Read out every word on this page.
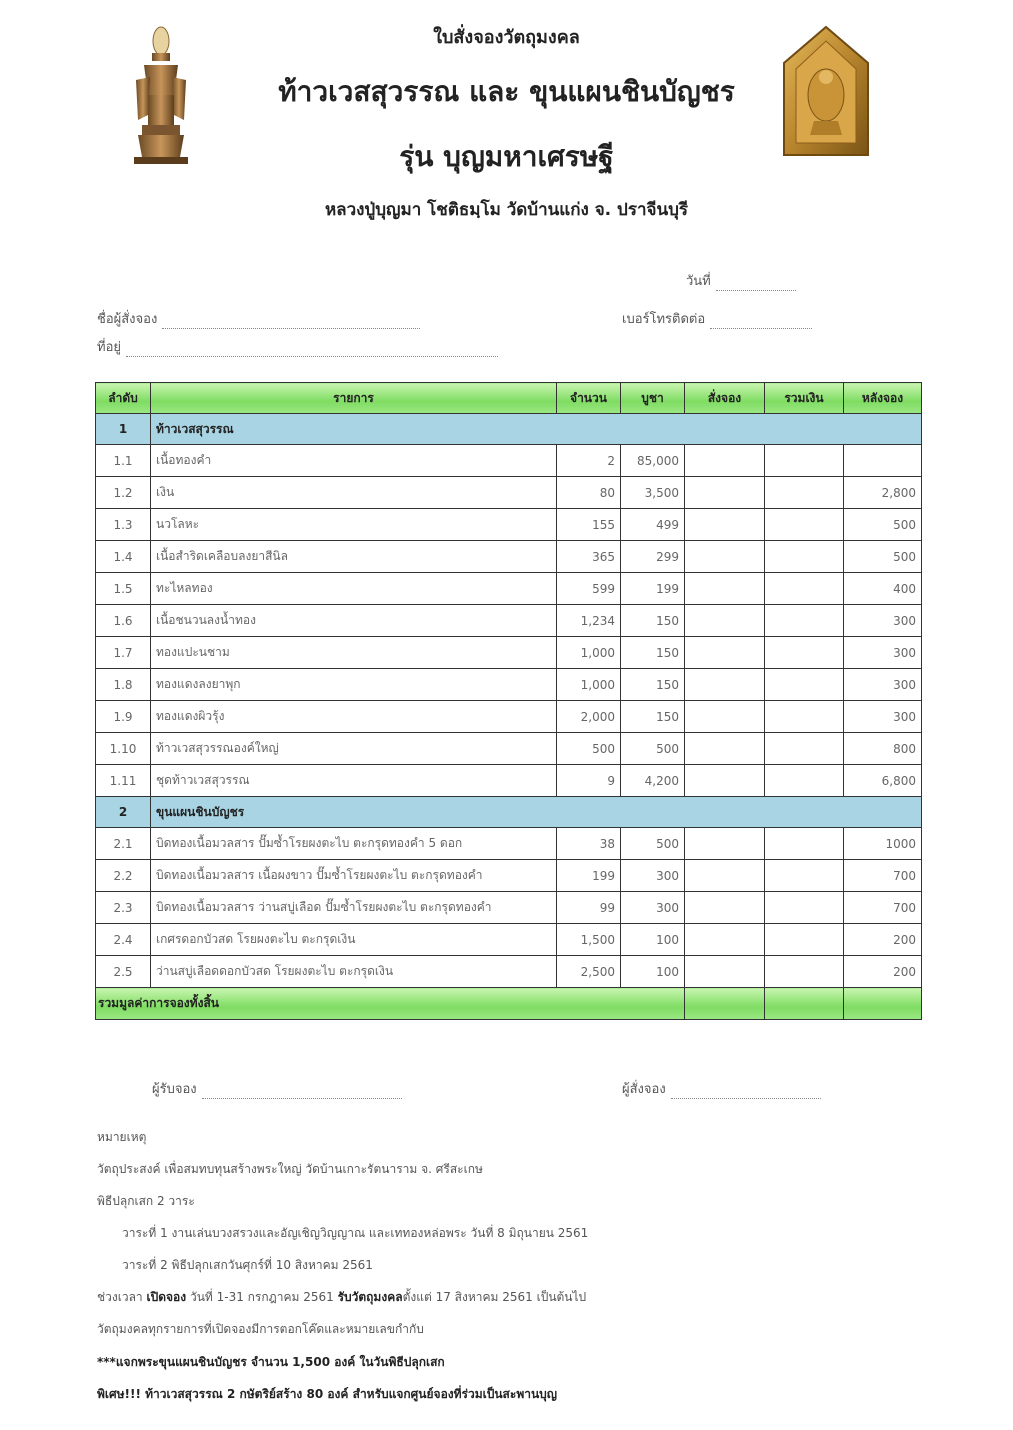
ใบสั่งจองวัตถุมงคล
ท้าวเวสสุวรรณ และ ขุนแผนชินบัญชร
รุ่น บุญมหาเศรษฐี
หลวงปู่บุญมา โชติธมฺโม วัดบ้านแก่ง จ. ปราจีนบุรี
วันที่
ชื่อผู้สั่งจอง	เบอร์โทรติดต่อ
ที่อยู่
ลำดับ	รายการ	จำนวน	บูชา	สั่งจอง	รวมเงิน	หลังจอง
1	ท้าวเวสสุวรรณ					
1.1	เนื้อทองคำ	2	85,000			
1.2	เงิน	80	3,500			2,800
1.3	นวโลหะ	155	499			500
1.4	เนื้อสำริดเคลือบลงยาสีนิล	365	299			500
1.5	ทะไหลทอง	599	199			400
1.6	เนื้อชนวนลงน้ำทอง	1,234	150			300
1.7	ทองแปะนชาม	1,000	150			300
1.8	ทองแดงลงยาพุก	1,000	150			300
1.9	ทองแดงผิวรุ้ง	2,000	150			300
1.10	ท้าวเวสสุวรรณองค์ใหญ่	500	500			800
1.11	ชุดท้าวเวสสุวรรณ	9	4,200			6,800
2	ขุนแผนชินบัญชร					
2.1	บิดทองเนื้อมวลสาร ปั๊มซ้ำโรยผงตะไบ ตะกรุดทองคำ 5 ดอก	38	500			1000
2.2	บิดทองเนื้อมวลสาร เนื้อผงขาว ปั๊มซ้ำโรยผงตะไบ ตะกรุดทองคำ	199	300			700
2.3	บิดทองเนื้อมวลสาร ว่านสบู่เลือด ปั๊มซ้ำโรยผงตะไบ ตะกรุดทองคำ	99	300			700
2.4	เกศรดอกบัวสด โรยผงตะไบ ตะกรุดเงิน	1,500	100			200
2.5	ว่านสบู่เลือดดอกบัวสด โรยผงตะไบ ตะกรุดเงิน	2,500	100			200
รวมมูลค่าการจองทั้งสิ้น						
ผู้รับจอง	ผู้สั่งจอง
หมายเหตุ
วัตถุประสงค์ เพื่อสมทบทุนสร้างพระใหญ่ วัดบ้านเกาะรัตนาราม จ. ศรีสะเกษ
พิธีปลุกเสก 2 วาระ
วาระที่ 1 งานเล่นบวงสรวงและอัญเชิญวิญญาณ และเททองหล่อพระ วันที่ 8 มิถุนายน 2561
วาระที่ 2 พิธีปลุกเสกวันศุกร์ที่ 10 สิงหาคม 2561
ช่วงเวลา เปิดจอง วันที่ 1-31 กรกฎาคม 2561 รับวัตถุมงคลตั้งแต่ 17 สิงหาคม 2561 เป็นต้นไป
วัตถุมงคลทุกรายการที่เปิดจองมีการตอกโค๊ดและหมายเลขกำกับ
***แจกพระขุนแผนชินบัญชร จำนวน 1,500 องค์ ในวันพิธีปลุกเสก
พิเศษ!!! ท้าวเวสสุวรรณ 2 กษัตริย์สร้าง 80 องค์ สำหรับแจกศูนย์จองที่ร่วมเป็นสะพานบุญ
